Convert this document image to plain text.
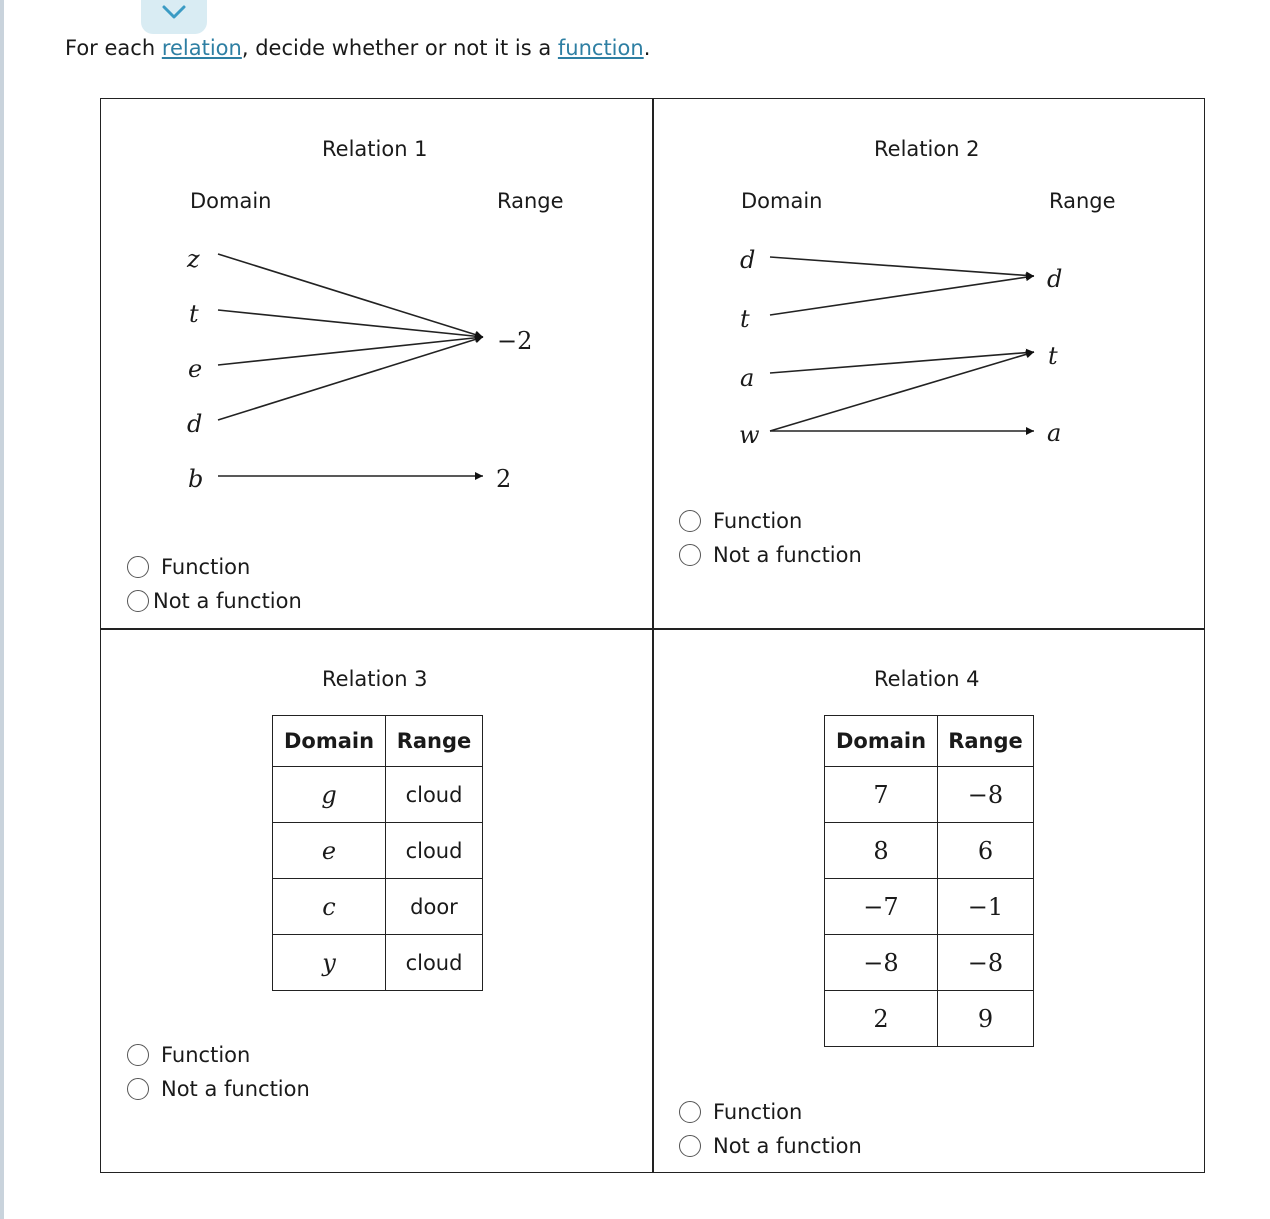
For each relation, decide whether or not it is a function.
Relation 1
Domain	Range
z
t
e
d
b
−2
2
Function
Not a function
Relation 2
Domain	Range
d
t
a
w
d
t
a
Function
Not a function
Relation 3
Domain	Range
g	cloud
e	cloud
c	door
y	cloud
Function
Not a function
Relation 4
Domain	Range
7	−8
8	6
−7	−1
−8	−8
2	9
Function
Not a function
